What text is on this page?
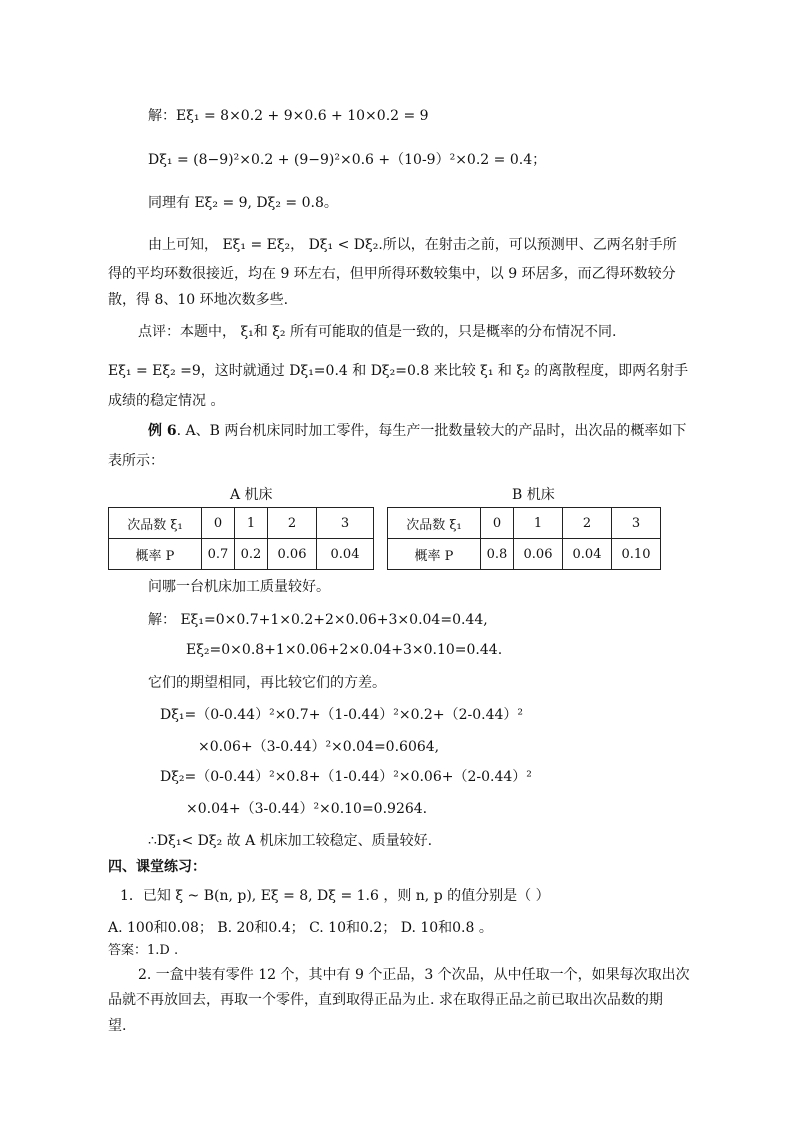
解：Eξ₁ = 8×0.2 + 9×0.6 + 10×0.2 = 9
Dξ₁ = (8−9)²×0.2 + (9−9)²×0.6 +（10-9）²×0.2 = 0.4；
同理有 Eξ₂ = 9, Dξ₂ = 0.8。
由上可知， Eξ₁ = Eξ₂， Dξ₁ < Dξ₂.所以，在射击之前，可以预测甲、乙两名射手所
得的平均环数很接近，均在 9 环左右，但甲所得环数较集中，以 9 环居多，而乙得环数较分
散，得 8、10 环地次数多些.
点评：本题中， ξ₁和 ξ₂ 所有可能取的值是一致的，只是概率的分布情况不同.
Eξ₁ = Eξ₂ =9，这时就通过 Dξ₁=0.4 和 Dξ₂=0.8 来比较 ξ₁ 和 ξ₂ 的离散程度，即两名射手
成绩的稳定情况 。
例 6. A、B 两台机床同时加工零件，每生产一批数量较大的产品时，出次品的概率如下
表所示：
A 机床	B 机床
次品数 ξ₁	0	1	2	3
概率 P	0.7	0.2	0.06	0.04
次品数 ξ₁	0	1	2	3
概率 P	0.8	0.06	0.04	0.10
问哪一台机床加工质量较好。
解： Eξ₁=0×0.7+1×0.2+2×0.06+3×0.04=0.44,
Eξ₂=0×0.8+1×0.06+2×0.04+3×0.10=0.44.
它们的期望相同，再比较它们的方差。
Dξ₁=（0-0.44）²×0.7+（1-0.44）²×0.2+（2-0.44）²
×0.06+（3-0.44）²×0.04=0.6064,
Dξ₂=（0-0.44）²×0.8+（1-0.44）²×0.06+（2-0.44）²
×0.04+（3-0.44）²×0.10=0.9264.
∴Dξ₁< Dξ₂ 故 A 机床加工较稳定、质量较好.
四、课堂练习：
1．已知 ξ ~ B(n, p), Eξ = 8, Dξ = 1.6 ，则 n, p 的值分别是（ ）
A. 100和0.08； B. 20和0.4； C. 10和0.2； D. 10和0.8 。
答案：1.D .
2. 一盒中装有零件 12 个，其中有 9 个正品，3 个次品，从中任取一个，如果每次取出次
品就不再放回去，再取一个零件，直到取得正品为止. 求在取得正品之前已取出次品数的期
望.
